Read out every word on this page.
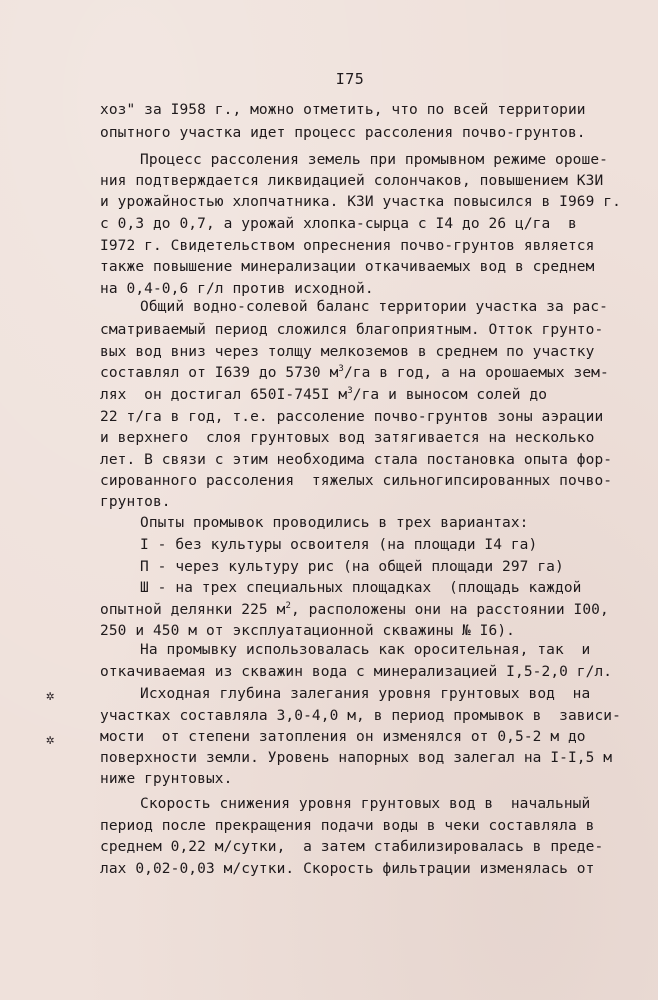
I75
хоз" за I958 г., можно отметить, что по всей территории
опытного участка идет процесс рассоления почво-грунтов.
Процесс рассоления земель при промывном режиме ороше-
ния подтверждается ликвидацией солончаков, повышением КЗИ
и урожайностью хлопчатника. КЗИ участка повысился в I969 г.
с 0,3 до 0,7, а урожай хлопка-сырца с I4 до 26 ц/га  в
I972 г. Свидетельством опреснения почво-грунтов является
также повышение минерализации откачиваемых вод в среднем
на 0,4-0,6 г/л против исходной.
Общий водно-солевой баланс территории участка за рас-
сматриваемый период сложился благоприятным. Отток грунто-
вых вод вниз через толщу мелкоземов в среднем по участку
составлял от I639 до 5730 $м^3/га$ в год, а на орошаемых зем-
лях  он достигал 650I-745I $м^3/га$ и выносом солей до
22 т/га в год, т.е. рассоление почво-грунтов зоны аэрации
и верхнего  слоя грунтовых вод затягивается на несколько
лет. В связи с этим необходима стала постановка опыта фор-
сированного рассоления  тяжелых сильногипсированных почво-
грунтов.
Опыты промывок проводились в трех вариантах:
I - без культуры освоителя (на площади I4 га)
П - через культуру рис (на общей площади 297 га)
Ш - на трех специальных площадках  (площадь каждой
опытной делянки 225 $м^2$, расположены они на расстоянии I00,
250 и 450 м от эксплуатационной скважины № I6).
На промывку использовалась как оросительная, так  и
откачиваемая из скважин вода с минерализацией I,5-2,0 г/л.
Исходная глубина залегания уровня грунтовых вод  на
участках составляла 3,0-4,0 м, в период промывок в  зависи-
мости  от степени затопления он изменялся от 0,5-2 м до
поверхности земли. Уровень напорных вод залегал на I-I,5 м
ниже грунтовых.
Скорость снижения уровня грунтовых вод в  начальный
период после прекращения подачи воды в чеки составляла в
среднем 0,22 м/сутки,  а затем стабилизировалась в преде-
лах 0,02-0,03 м/сутки. Скорость фильтрации изменялась от
✲
✲
